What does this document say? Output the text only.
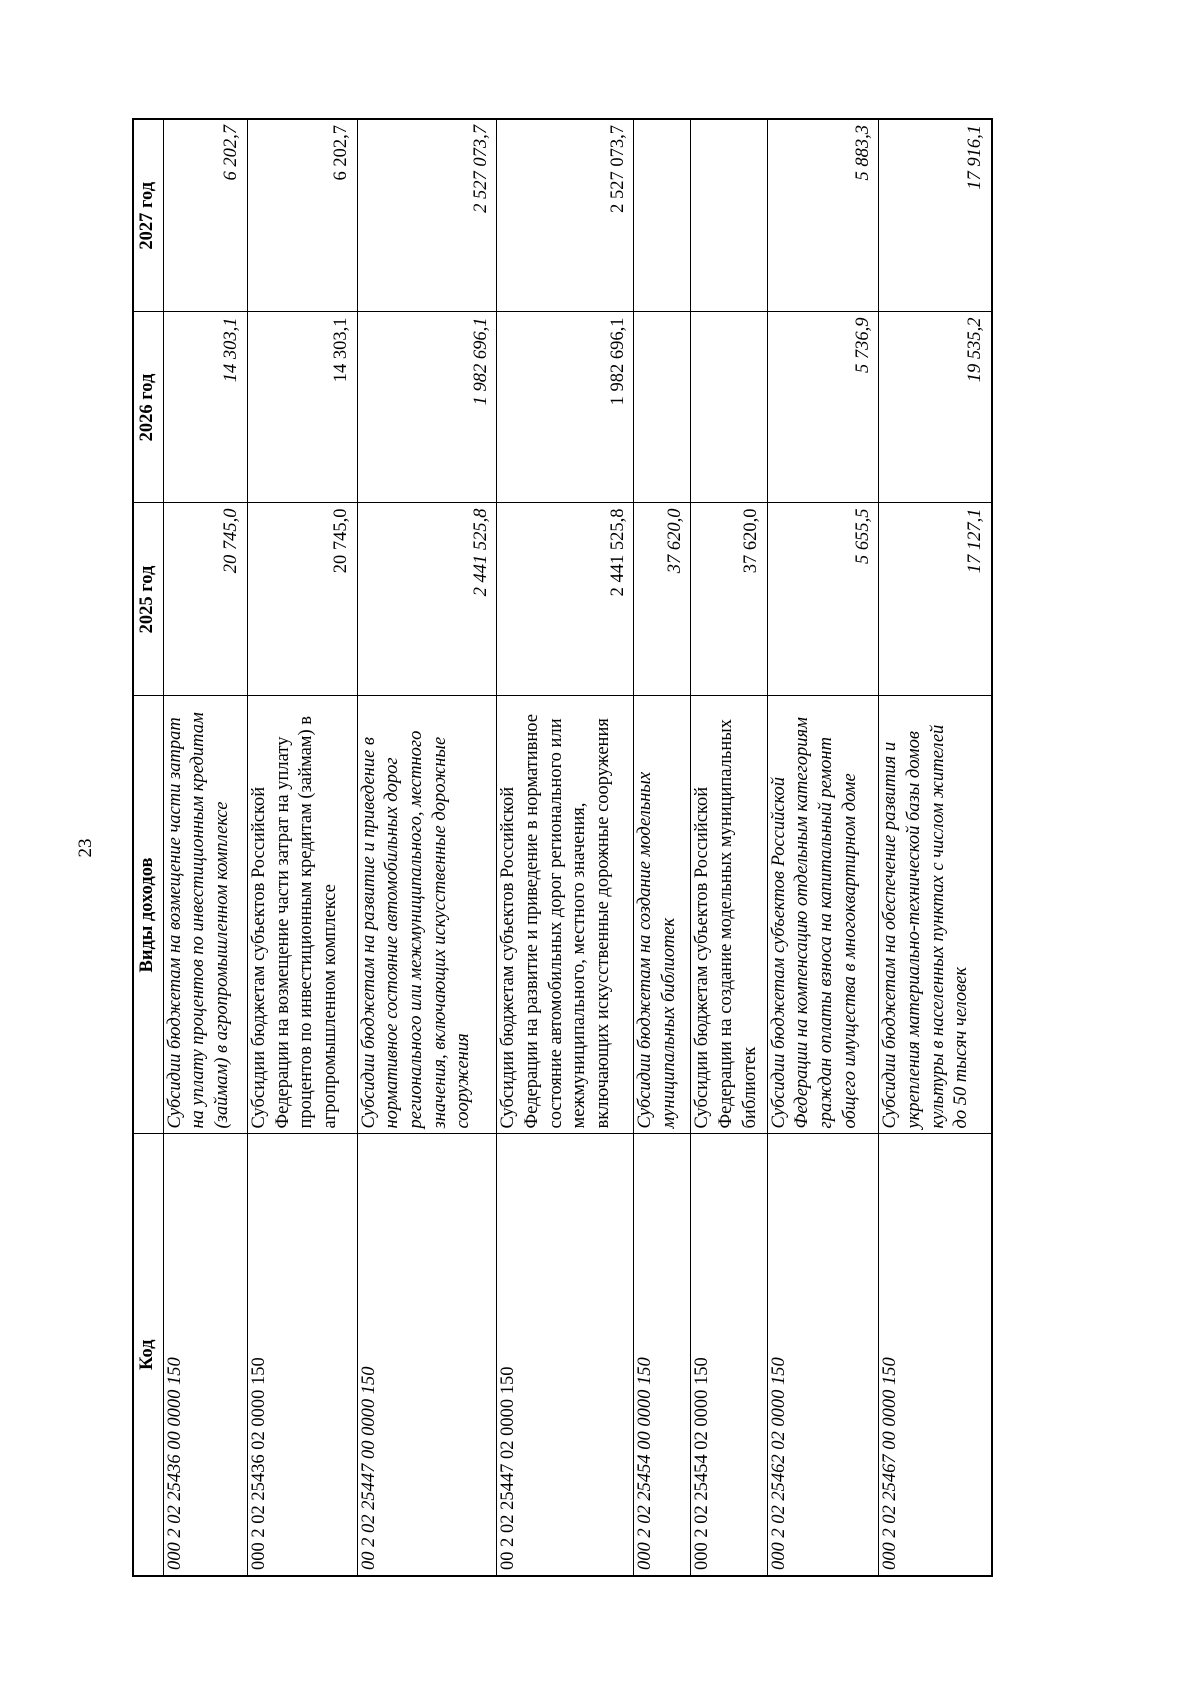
23
Код	Виды доходов	2025 год	2026 год	2027 год
000 2 02 25436 00 0000 150	Субсидии бюджетам на возмещение части затрат на уплату процентов по инвестиционным кредитам (займам) в агропромышленном комплексе	20 745,0	14 303,1	6 202,7
000 2 02 25436 02 0000 150	Субсидии бюджетам субъектов Российской Федерации на возмещение части затрат на уплату процентов по инвестиционным кредитам (займам) в агропромышленном комплексе	20 745,0	14 303,1	6 202,7
00 2 02 25447 00 0000 150	Субсидии бюджетам на развитие и приведение в нормативное состояние автомобильных дорог регионального или межмуниципального, местного значения, включающих искусственные дорожные сооружения	2 441 525,8	1 982 696,1	2 527 073,7
00 2 02 25447 02 0000 150	Субсидии бюджетам субъектов Российской Федерации на развитие и приведение в нормативное состояние автомобильных дорог регионального или межмуниципального, местного значения, включающих искусственные дорожные сооружения	2 441 525,8	1 982 696,1	2 527 073,7
000 2 02 25454 00 0000 150	Субсидии бюджетам на создание модельных муниципальных библиотек	37 620,0		
000 2 02 25454 02 0000 150	Субсидии бюджетам субъектов Российской Федерации на создание модельных муниципальных библиотек	37 620,0		
000 2 02 25462 02 0000 150	Субсидии бюджетам субъектов Российской Федерации на компенсацию отдельным категориям граждан оплаты взноса на капитальный ремонт общего имущества в многоквартирном доме	5 655,5	5 736,9	5 883,3
000 2 02 25467 00 0000 150	Субсидии бюджетам на обеспечение развития и укрепления материально-технической базы домов культуры в населенных пунктах с числом жителей до 50 тысяч человек	17 127,1	19 535,2	17 916,1
